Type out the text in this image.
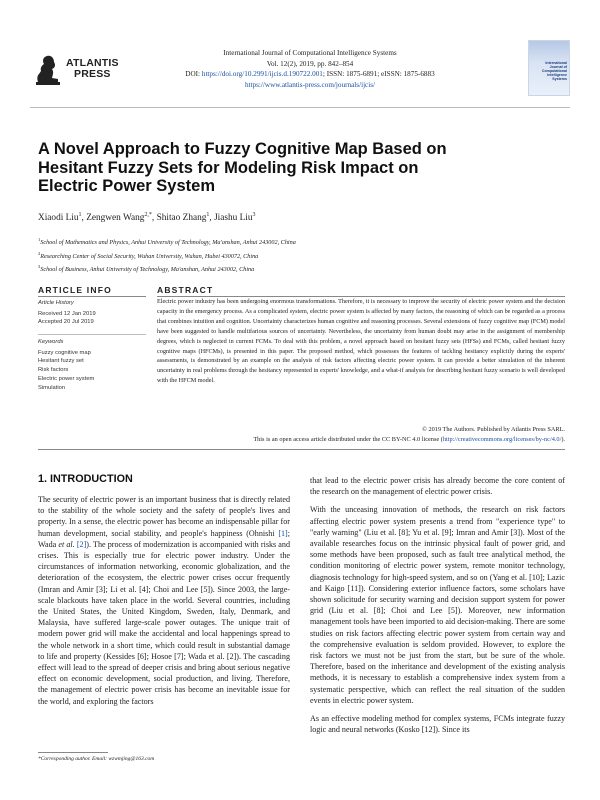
ATLANTIS
PRESS
International Journal of Computational Intelligence Systems
Vol. 12(2), 2019, pp. 842–854
DOI: https://doi.org/10.2991/ijcis.d.190722.001; ISSN: 1875-6891; eISSN: 1875-6883
https://www.atlantis-press.com/journals/ijcis/
International Journal of Computational Intelligence Systems
A Novel Approach to Fuzzy Cognitive Map Based on Hesitant Fuzzy Sets for Modeling Risk Impact on Electric Power System
Xiaodi Liu$^1$, Zengwen Wang$^{2,*}$, Shitao Zhang$^1$, Jiashu Liu$^3$
$^1$School of Mathematics and Physics, Anhui University of Technology, Ma'anshan, Anhui 243002, China
$^2$Researching Center of Social Security, Wuhan University, Wuhan, Hubei 430072, China
$^3$School of Business, Anhui University of Technology, Ma'anshan, Anhui 243002, China
ARTICLE INFO
Article History
Received 12 Jan 2019
Accepted 20 Jul 2019
Keywords
Fuzzy cognitive map
Hesitant fuzzy set
Risk factors
Electric power system
Simulation
ABSTRACT
Electric power industry has been undergoing enormous transformations. Therefore, it is necessary to improve the security of electric power system and the decision capacity in the emergency process. As a complicated system, electric power system is affected by many factors, the reasoning of which can be regarded as a process that combines intuition and cognition. Uncertainty characterizes human cognitive and reasoning processes. Several extensions of fuzzy cognitive map (FCM) model have been suggested to handle multifarious sources of uncertainty. Nevertheless, the uncertainty from human doubt may arise in the assignment of membership degrees, which is neglected in current FCMs. To deal with this problem, a novel approach based on hesitant fuzzy sets (HFSs) and FCMs, called hesitant fuzzy cognitive maps (HFCMs), is presented in this paper. The proposed method, which possesses the features of tackling hesitancy explicitly during the experts' assessments, is demonstrated by an example on the analysis of risk factors affecting electric power system. It can provide a better simulation of the inherent uncertainty in real problems through the hesitancy represented in experts' knowledge, and a what-if analysis for describing hesitant fuzzy scenario is well developed with the HFCM model.
© 2019 The Authors. Published by Atlantis Press SARL.
This is an open access article distributed under the CC BY-NC 4.0 license (http://creativecommons.org/licenses/by-nc/4.0/).
1. INTRODUCTION

The security of electric power is an important business that is directly related to the stability of the whole society and the safety of people's lives and property. In a sense, the electric power has become an indispensable pillar for human development, social stability, and people's happiness (Ohnishi [1]; Wada et al. [2]). The process of modernization is accompanied with risks and crises. This is especially true for electric power industry. Under the circumstances of information networking, economic globalization, and the deterioration of the ecosystem, the electric power crises occur frequently (Imran and Amir [3]; Li et al. [4]; Choi and Lee [5]). Since 2003, the large-scale blackouts have taken place in the world. Several countries, including the United States, the United Kingdom, Sweden, Italy, Denmark, and Malaysia, have suffered large-scale power outages. The unique trait of modern power grid will make the accidental and local happenings spread to the whole network in a short time, which could result in substantial damage to life and property (Kessides [6]; Hosoe [7]; Wada et al. [2]). The cascading effect will lead to the spread of deeper crisis and bring about serious negative effect on economic development, social production, and living. Therefore, the management of electric power crisis has become an inevitable issue for the world, and exploring the factors

that lead to the electric power crisis has already become the core content of the research on the management of electric power crisis.

With the unceasing innovation of methods, the research on risk factors affecting electric power system presents a trend from "experience type" to "early warning" (Liu et al. [8]; Yu et al. [9]; Imran and Amir [3]). Most of the available researches focus on the intrinsic physical fault of power grid, and some methods have been proposed, such as fault tree analytical method, the condition monitoring of electric power system, remote monitor technology, diagnosis technology for high-speed system, and so on (Yang et al. [10]; Lazic and Kaigo [11]). Considering exterior influence factors, some scholars have shown solicitude for security warning and decision support system for power grid (Liu et al. [8]; Choi and Lee [5]). Moreover, new information management tools have been imported to aid decision-making. There are some studies on risk factors affecting electric power system from certain way and the comprehensive evaluation is seldom provided. However, to explore the risk factors we must not be just from the start, but be sure of the whole. Therefore, based on the inheritance and development of the existing analysis methods, it is necessary to establish a comprehensive index system from a systematic perspective, which can reflect the real situation of the sudden events in electric power system.

As an effective modeling method for complex systems, FCMs integrate fuzzy logic and neural networks (Kosko [12]). Since its

*Corresponding author. Email: wzwmjing@163.com
